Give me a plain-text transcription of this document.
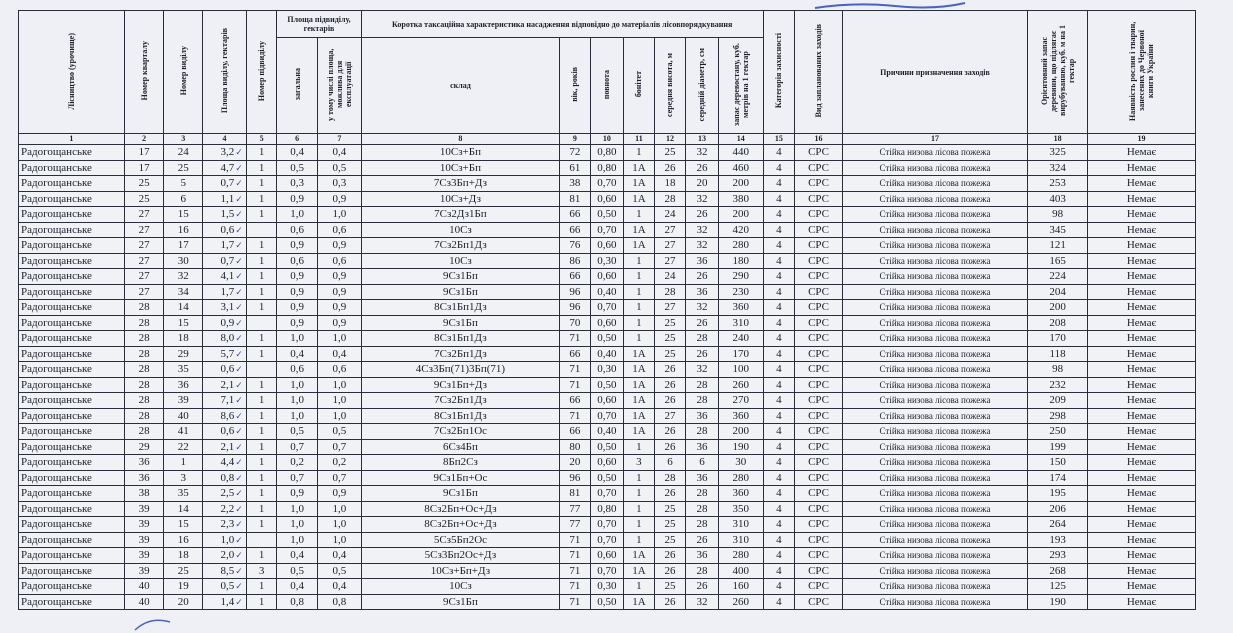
Лісництво (урочище)	Номер кварталу	Номер виділу	Площа виділу, гектарів	Номер підвиділу	Площа підвиділу, гектарів		Коротка таксаційна характеристика насадження відповідно до матеріалів лісовпорядкування							Категорія захисності	Вид запланованих заходів	Причини призначення заходів	Орієнтовний запас деревини, що підлягає вирубуванню, куб. м на 1 гектар	Наявність рослин і тварин, занесених до Червоної книги України
					загальна	у тому числі площа, можлива для експлуатації	склад	вік, років	повнота	бонітет	середня висота, м	середній діаметр, см	запас деревостану, куб. метрів на 1 гектар					
1	2	3	4	5	6	7	8	9	10	11	12	13	14	15	16	17	18	19
Радогощанське	17	24	3,2✓	1	0,4	0,4	10Сз+Бп	72	0,80	1	25	32	440	4	СРС	Стійка низова лісова пожежа	325	Немає
Радогощанське	17	25	4,7✓	1	0,5	0,5	10Сз+Бп	61	0,80	1А	26	26	460	4	СРС	Стійка низова лісова пожежа	324	Немає
Радогощанське	25	5	0,7✓	1	0,3	0,3	7Сз3Бп+Дз	38	0,70	1А	18	20	200	4	СРС	Стійка низова лісова пожежа	253	Немає
Радогощанське	25	6	1,1✓	1	0,9	0,9	10Сз+Дз	81	0,60	1А	28	32	380	4	СРС	Стійка низова лісова пожежа	403	Немає
Радогощанське	27	15	1,5✓	1	1,0	1,0	7Сз2Дз1Бп	66	0,50	1	24	26	200	4	СРС	Стійка низова лісова пожежа	98	Немає
Радогощанське	27	16	0,6✓		0,6	0,6	10Сз	66	0,70	1А	27	32	420	4	СРС	Стійка низова лісова пожежа	345	Немає
Радогощанське	27	17	1,7✓	1	0,9	0,9	7Сз2Бп1Дз	76	0,60	1А	27	32	280	4	СРС	Стійка низова лісова пожежа	121	Немає
Радогощанське	27	30	0,7✓	1	0,6	0,6	10Сз	86	0,30	1	27	36	180	4	СРС	Стійка низова лісова пожежа	165	Немає
Радогощанське	27	32	4,1✓	1	0,9	0,9	9Сз1Бп	66	0,60	1	24	26	290	4	СРС	Стійка низова лісова пожежа	224	Немає
Радогощанське	27	34	1,7✓	1	0,9	0,9	9Сз1Бп	96	0,40	1	28	36	230	4	СРС	Стійка низова лісова пожежа	204	Немає
Радогощанське	28	14	3,1✓	1	0,9	0,9	8Сз1Бп1Дз	96	0,70	1	27	32	360	4	СРС	Стійка низова лісова пожежа	200	Немає
Радогощанське	28	15	0,9✓		0,9	0,9	9Сз1Бп	70	0,60	1	25	26	310	4	СРС	Стійка низова лісова пожежа	208	Немає
Радогощанське	28	18	8,0✓	1	1,0	1,0	8Сз1Бп1Дз	71	0,50	1	25	28	240	4	СРС	Стійка низова лісова пожежа	170	Немає
Радогощанське	28	29	5,7✓	1	0,4	0,4	7Сз2Бп1Дз	66	0,40	1А	25	26	170	4	СРС	Стійка низова лісова пожежа	118	Немає
Радогощанське	28	35	0,6✓		0,6	0,6	4Сз3Бп(71)3Бп(71)	71	0,30	1А	26	32	100	4	СРС	Стійка низова лісова пожежа	98	Немає
Радогощанське	28	36	2,1✓	1	1,0	1,0	9Сз1Бп+Дз	71	0,50	1А	26	28	260	4	СРС	Стійка низова лісова пожежа	232	Немає
Радогощанське	28	39	7,1✓	1	1,0	1,0	7Сз2Бп1Дз	66	0,60	1А	26	28	270	4	СРС	Стійка низова лісова пожежа	209	Немає
Радогощанське	28	40	8,6✓	1	1,0	1,0	8Сз1Бп1Дз	71	0,70	1А	27	36	360	4	СРС	Стійка низова лісова пожежа	298	Немає
Радогощанське	28	41	0,6✓	1	0,5	0,5	7Сз2Бп1Ос	66	0,40	1А	26	28	200	4	СРС	Стійка низова лісова пожежа	250	Немає
Радогощанське	29	22	2,1✓	1	0,7	0,7	6Сз4Бп	80	0,50	1	26	36	190	4	СРС	Стійка низова лісова пожежа	199	Немає
Радогощанське	36	1	4,4✓	1	0,2	0,2	8Бп2Сз	20	0,60	3	6	6	30	4	СРС	Стійка низова лісова пожежа	150	Немає
Радогощанське	36	3	0,8✓	1	0,7	0,7	9Сз1Бп+Ос	96	0,50	1	28	36	280	4	СРС	Стійка низова лісова пожежа	174	Немає
Радогощанське	38	35	2,5✓	1	0,9	0,9	9Сз1Бп	81	0,70	1	26	28	360	4	СРС	Стійка низова лісова пожежа	195	Немає
Радогощанське	39	14	2,2✓	1	1,0	1,0	8Сз2Бп+Ос+Дз	77	0,80	1	25	28	350	4	СРС	Стійка низова лісова пожежа	206	Немає
Радогощанське	39	15	2,3✓	1	1,0	1,0	8Сз2Бп+Ос+Дз	77	0,70	1	25	28	310	4	СРС	Стійка низова лісова пожежа	264	Немає
Радогощанське	39	16	1,0✓		1,0	1,0	5Сз5Бп2Ос	71	0,70	1	25	26	310	4	СРС	Стійка низова лісова пожежа	193	Немає
Радогощанське	39	18	2,0✓	1	0,4	0,4	5Сз3Бп2Ос+Дз	71	0,60	1А	26	36	280	4	СРС	Стійка низова лісова пожежа	293	Немає
Радогощанське	39	25	8,5✓	3	0,5	0,5	10Сз+Бп+Дз	71	0,70	1А	26	28	400	4	СРС	Стійка низова лісова пожежа	268	Немає
Радогощанське	40	19	0,5✓	1	0,4	0,4	10Сз	71	0,30	1	25	26	160	4	СРС	Стійка низова лісова пожежа	125	Немає
Радогощанське	40	20	1,4✓	1	0,8	0,8	9Сз1Бп	71	0,50	1А	26	32	260	4	СРС	Стійка низова лісова пожежа	190	Немає
